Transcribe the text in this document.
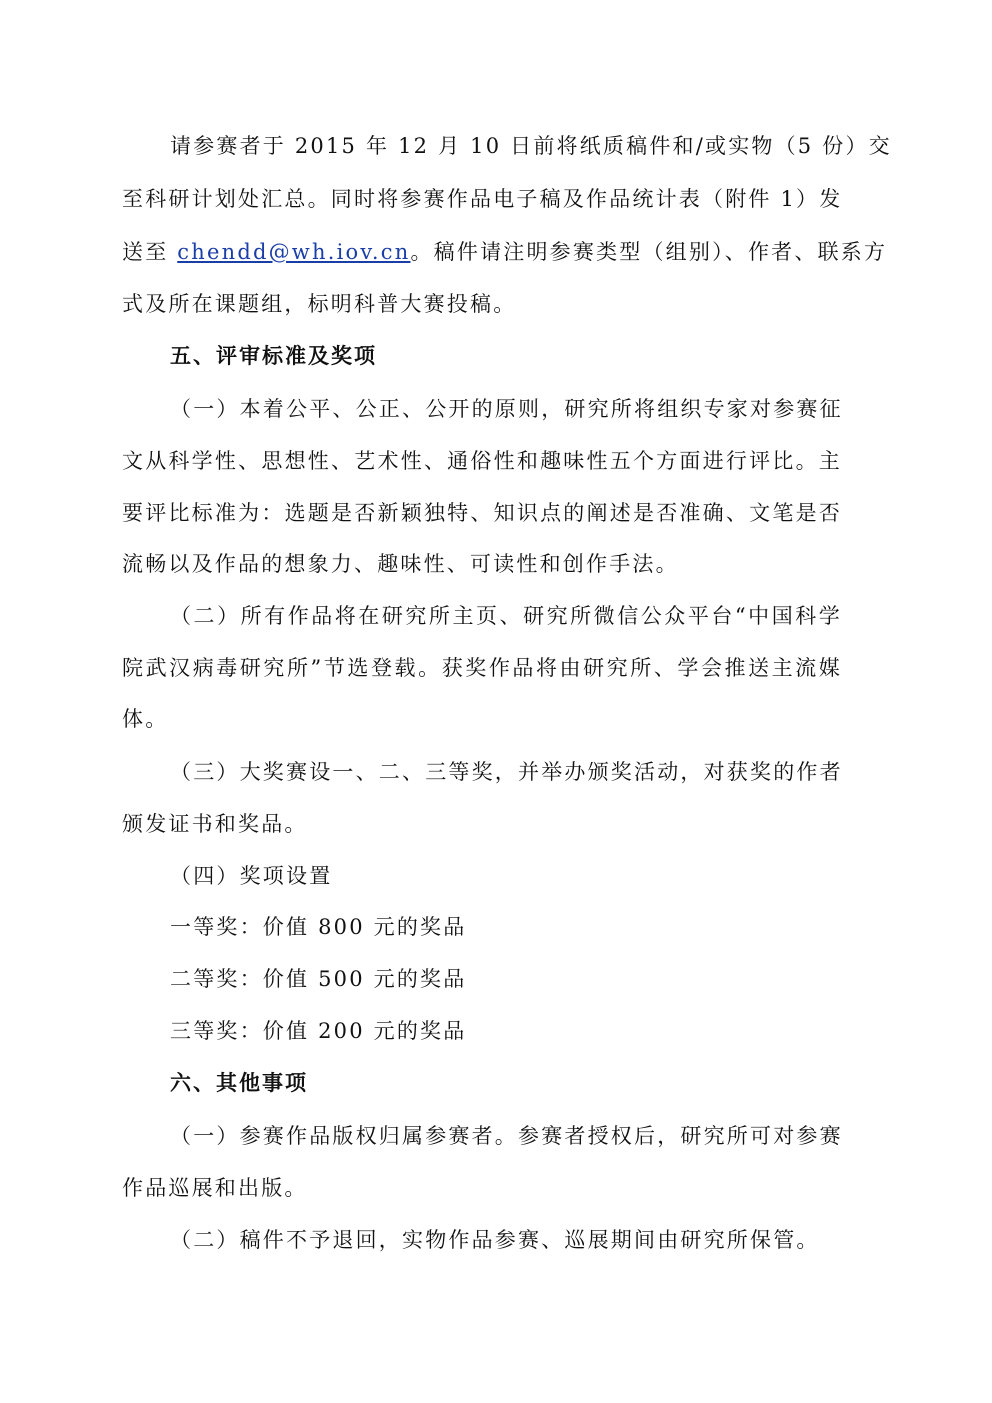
请参赛者于 2015 年 12 月 10 日前将纸质稿件和/或实物（5 份）交
至科研计划处汇总。同时将参赛作品电子稿及作品统计表（附件 1）发
送至 chendd@wh.iov.cn。稿件请注明参赛类型（组别）、作者、联系方
式及所在课题组，标明科普大赛投稿。
五、评审标准及奖项
（一）本着公平、公正、公开的原则，研究所将组织专家对参赛征
文从科学性、思想性、艺术性、通俗性和趣味性五个方面进行评比。主
要评比标准为：选题是否新颖独特、知识点的阐述是否准确、文笔是否
流畅以及作品的想象力、趣味性、可读性和创作手法。
（二）所有作品将在研究所主页、研究所微信公众平台“中国科学
院武汉病毒研究所”节选登载。获奖作品将由研究所、学会推送主流媒
体。
（三）大奖赛设一、二、三等奖，并举办颁奖活动，对获奖的作者
颁发证书和奖品。
（四）奖项设置
一等奖：价值 800 元的奖品
二等奖：价值 500 元的奖品
三等奖：价值 200 元的奖品
六、其他事项
（一）参赛作品版权归属参赛者。参赛者授权后，研究所可对参赛
作品巡展和出版。
（二）稿件不予退回，实物作品参赛、巡展期间由研究所保管。
